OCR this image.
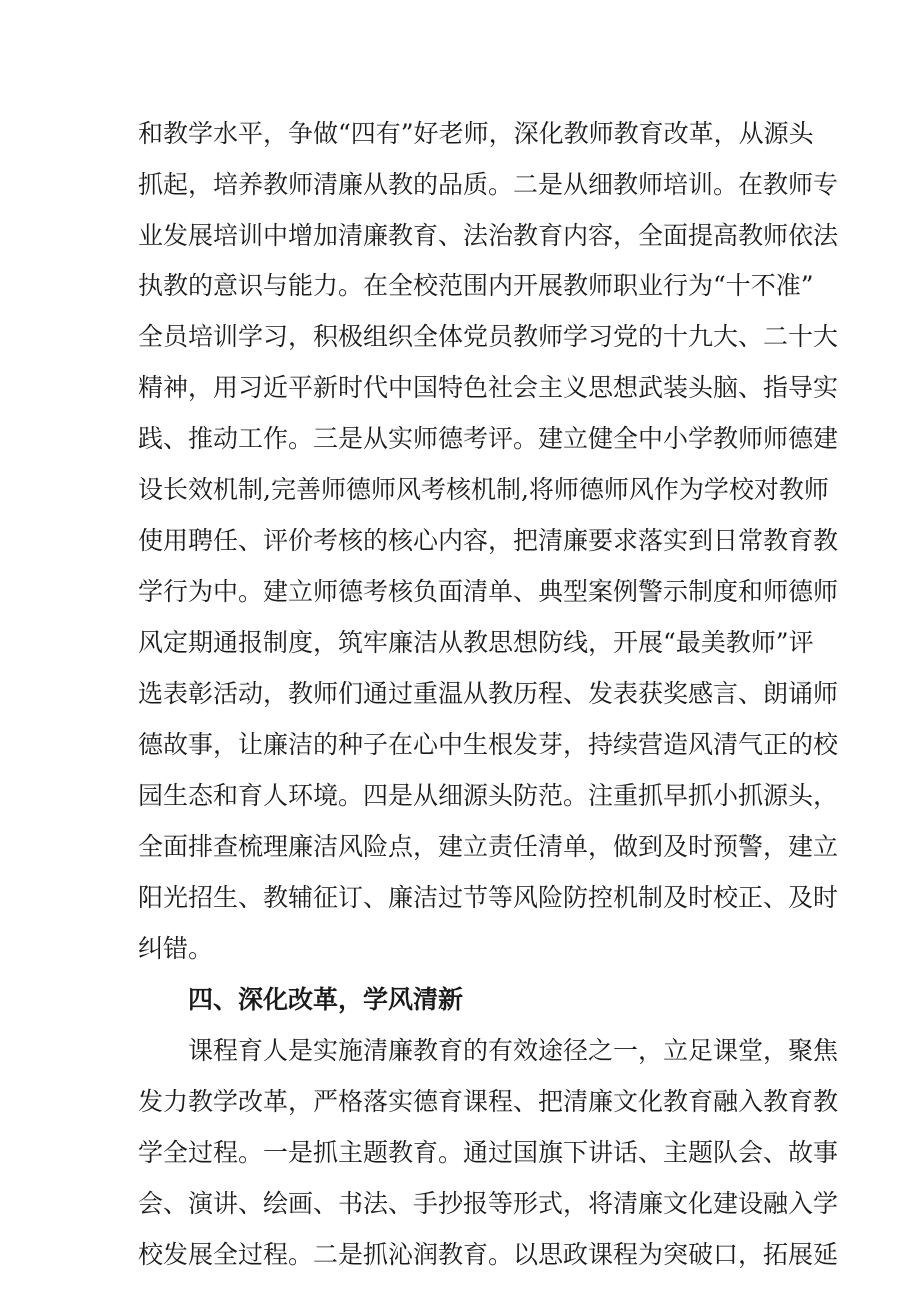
和教学水平，争做“四有”好老师，深化教师教育改革，从源头
抓起，培养教师清廉从教的品质。二是从细教师培训。在教师专
业发展培训中增加清廉教育、法治教育内容，全面提高教师依法
执教的意识与能力。在全校范围内开展教师职业行为“十不准”
全员培训学习，积极组织全体党员教师学习党的十九大、二十大
精神，用习近平新时代中国特色社会主义思想武装头脑、指导实
践、推动工作。三是从实师德考评。建立健全中小学教师师德建
设长效机制,完善师德师风考核机制,将师德师风作为学校对教师
使用聘任、评价考核的核心内容，把清廉要求落实到日常教育教
学行为中。建立师德考核负面清单、典型案例警示制度和师德师
风定期通报制度，筑牢廉洁从教思想防线，开展“最美教师”评
选表彰活动，教师们通过重温从教历程、发表获奖感言、朗诵师
德故事，让廉洁的种子在心中生根发芽，持续营造风清气正的校
园生态和育人环境。四是从细源头防范。注重抓早抓小抓源头，
全面排查梳理廉洁风险点，建立责任清单，做到及时预警，建立
阳光招生、教辅征订、廉洁过节等风险防控机制及时校正、及时
纠错。
四、深化改革，学风清新
课程育人是实施清廉教育的有效途径之一，立足课堂，聚焦
发力教学改革，严格落实德育课程、把清廉文化教育融入教育教
学全过程。一是抓主题教育。通过国旗下讲话、主题队会、故事
会、演讲、绘画、书法、手抄报等形式，将清廉文化建设融入学
校发展全过程。二是抓沁润教育。以思政课程为突破口，拓展延
